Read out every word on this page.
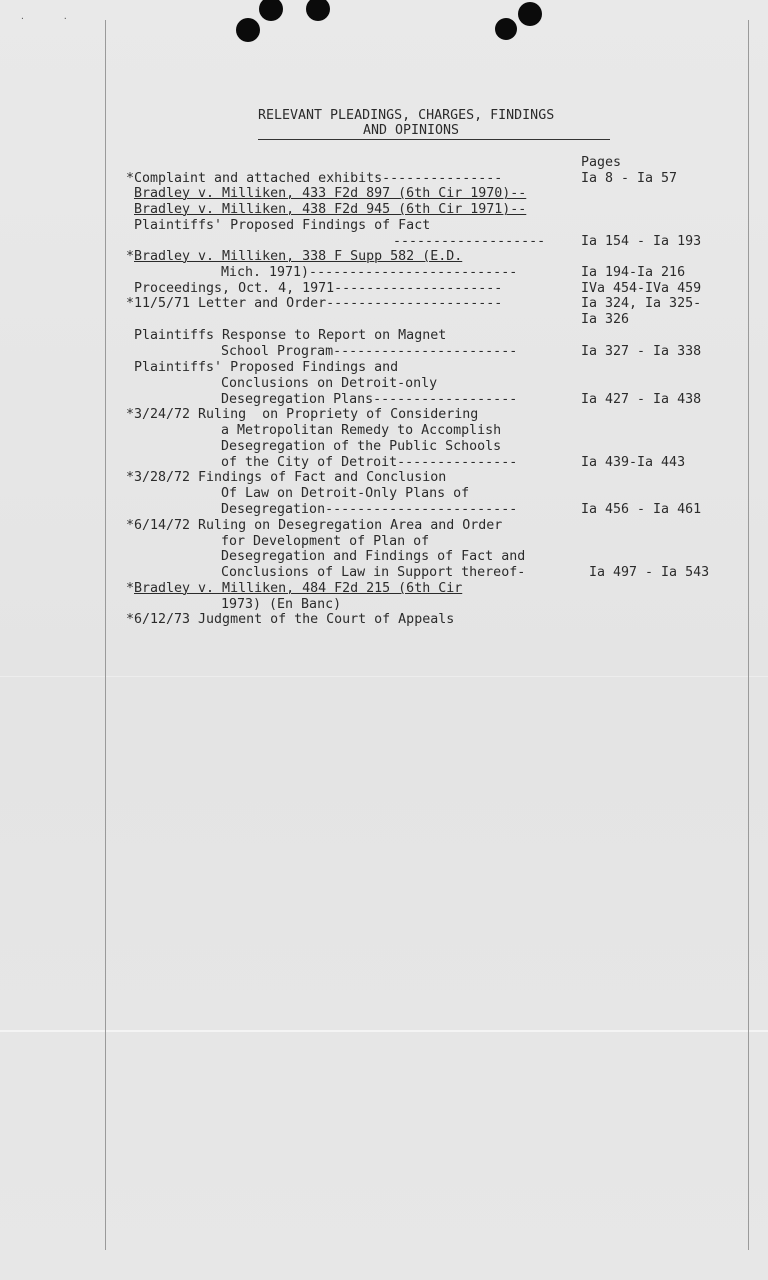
··
RELEVANT PLEADINGS, CHARGES, FINDINGS
AND OPINIONS
Pages
* Complaint and attached exhibits---------------	Ia 8 - Ia 57
Bradley v. Milliken, 433 F2d 897 (6th Cir 1970)--
Bradley v. Milliken, 438 F2d 945 (6th Cir 1971)--
Plaintiffs' Proposed Findings of Fact
-------------------	Ia 154 - Ia 193
* Bradley v. Milliken, 338 F Supp 582 (E.D.
Mich. 1971)--------------------------	Ia 194-Ia 216
Proceedings, Oct. 4, 1971---------------------	IVa 454-IVa 459
* 11/5/71 Letter and Order----------------------	Ia 324, Ia 325-
Ia 326
Plaintiffs Response to Report on Magnet
School Program-----------------------	Ia 327 - Ia 338
Plaintiffs' Proposed Findings and
Conclusions on Detroit-only
Desegregation Plans------------------	Ia 427 - Ia 438
* 3/24/72 Ruling  on Propriety of Considering
a Metropolitan Remedy to Accomplish
Desegregation of the Public Schools
of the City of Detroit---------------	Ia 439-Ia 443
* 3/28/72 Findings of Fact and Conclusion
Of Law on Detroit-Only Plans of
Desegregation------------------------	Ia 456 - Ia 461
* 6/14/72 Ruling on Desegregation Area and Order
for Development of Plan of
Desegregation and Findings of Fact and
Conclusions of Law in Support thereof-	Ia 497 - Ia 543
* Bradley v. Milliken, 484 F2d 215 (6th Cir
1973) (En Banc)
* 6/12/73 Judgment of the Court of Appeals
